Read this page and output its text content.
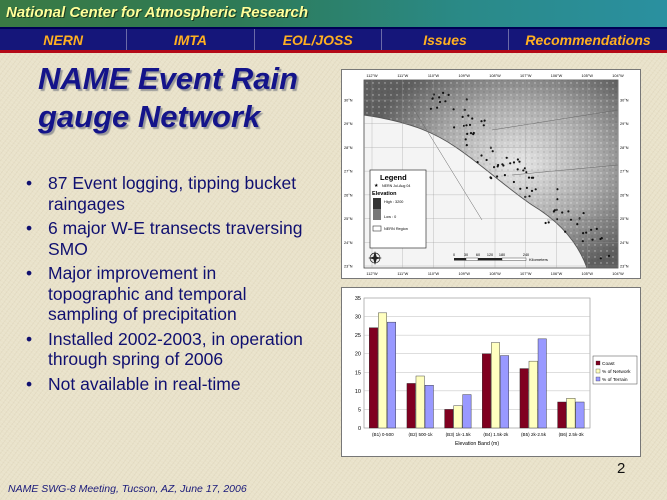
National Center for Atmospheric Research
NERN	IMTA	EOL/JOSS	Issues	Recommendations
NAME Event Rain gauge Network
• 87 Event logging, tipping bucket raingages
• 6 major W-E transects traversing SMO
• Major improvement in topographic and temporal sampling of precipitation
• Installed 2002-2003, in operation through spring of 2006
• Not available in real-time
112°W
112°W
111°W
111°W
110°W
110°W
109°W
109°W
108°W
108°W
107°W
107°W
106°W
106°W
105°W
105°W
104°W
104°W
30°N	30°N
29°N	29°N
28°N	28°N
27°N	27°N
26°N	26°N
25°N	25°N
24°N	24°N
23°N	23°N
Legend
★ NERN Jul-Aug 04
Elevation
High : 3200
Low : 0
NERN Region
0 30 60 120 180	240
Kilometers
0
5
10
15
20
25
30
35
(B1) 0-500	(B2) 500-1k	(B3) 1k-1.5k	(B4) 1.5k-2k	(B5) 2k-2.5k	(B6) 2.5k-3k
Elevation Band (m)
Coast
% of Network
% of Terrain
2
NAME SWG-8 Meeting, Tucson, AZ, June 17, 2006
